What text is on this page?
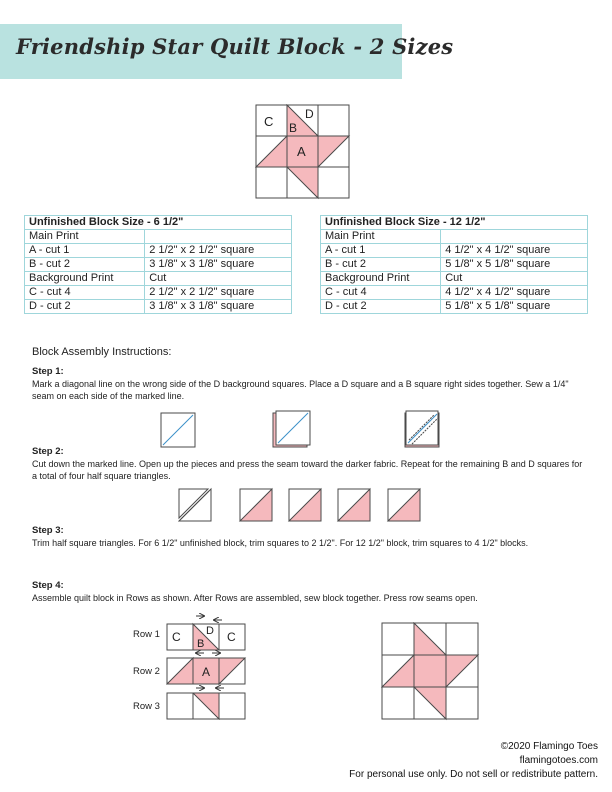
Friendship Star Quilt Block - 2 Sizes
C B
D
A
Unfinished Block Size - 6 1/2"	
Main Print	
A - cut 1	2 1/2" x 2 1/2" square
B - cut 2	3 1/8" x 3 1/8" square
Background Print	Cut
C - cut 4	2 1/2" x 2 1/2" square
D - cut 2	3 1/8" x 3 1/8" square
Unfinished Block Size - 12 1/2"	
Main Print	
A - cut 1	4 1/2" x 4 1/2" square
B - cut 2	5 1/8" x 5 1/8" square
Background Print	Cut
C - cut 4	4 1/2" x 4 1/2" square
D - cut 2	5 1/8" x 5 1/8" square
Block Assembly Instructions:
Step 1:
Mark a diagonal line on the wrong side of the D background squares. Place a D square and a B square right sides together. Sew a 1/4" seam on each side of the marked line.
Step 2:
Cut down the marked line. Open up the pieces and press the seam toward the darker fabric. Repeat for the remaining B and D squares for a total of four half square triangles.
Step 3:
Trim half square triangles. For 6 1/2" unfinished block, trim squares to 2 1/2". For 12 1/2" block, trim squares to 4 1/2" blocks.
Step 4:
Assemble quilt block in Rows as shown. After Rows are assembled, sew block together. Press row seams open.
Row 1
Row 2
Row 3
C B
D C
A
©2020 Flamingo Toes
flamingotoes.com
For personal use only. Do not sell or redistribute pattern.
